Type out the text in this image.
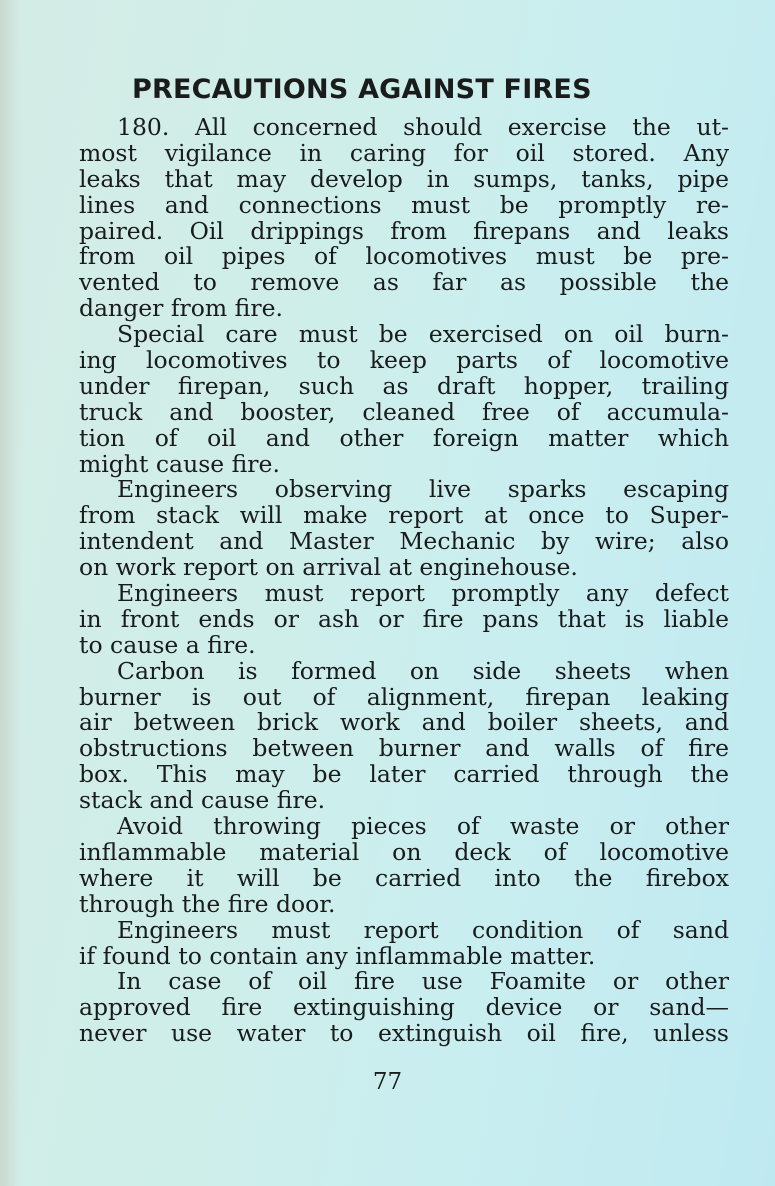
PRECAUTIONS AGAINST FIRES
180. All concerned should exercise the ut-
most vigilance in caring for oil stored. Any
leaks that may develop in sumps, tanks, pipe
lines and connections must be promptly re-
paired. Oil drippings from firepans and leaks
from oil pipes of locomotives must be pre-
vented to remove as far as possible the
danger from fire.
Special care must be exercised on oil burn-
ing locomotives to keep parts of locomotive
under firepan, such as draft hopper, trailing
truck and booster, cleaned free of accumula-
tion of oil and other foreign matter which
might cause fire.
Engineers observing live sparks escaping
from stack will make report at once to Super-
intendent and Master Mechanic by wire; also
on work report on arrival at enginehouse.
Engineers must report promptly any defect
in front ends or ash or fire pans that is liable
to cause a fire.
Carbon is formed on side sheets when
burner is out of alignment, firepan leaking
air between brick work and boiler sheets, and
obstructions between burner and walls of fire
box. This may be later carried through the
stack and cause fire.
Avoid throwing pieces of waste or other
inflammable material on deck of locomotive
where it will be carried into the firebox
through the fire door.
Engineers must report condition of sand
if found to contain any inflammable matter.
In case of oil fire use Foamite or other
approved fire extinguishing device or sand—
never use water to extinguish oil fire, unless
77
